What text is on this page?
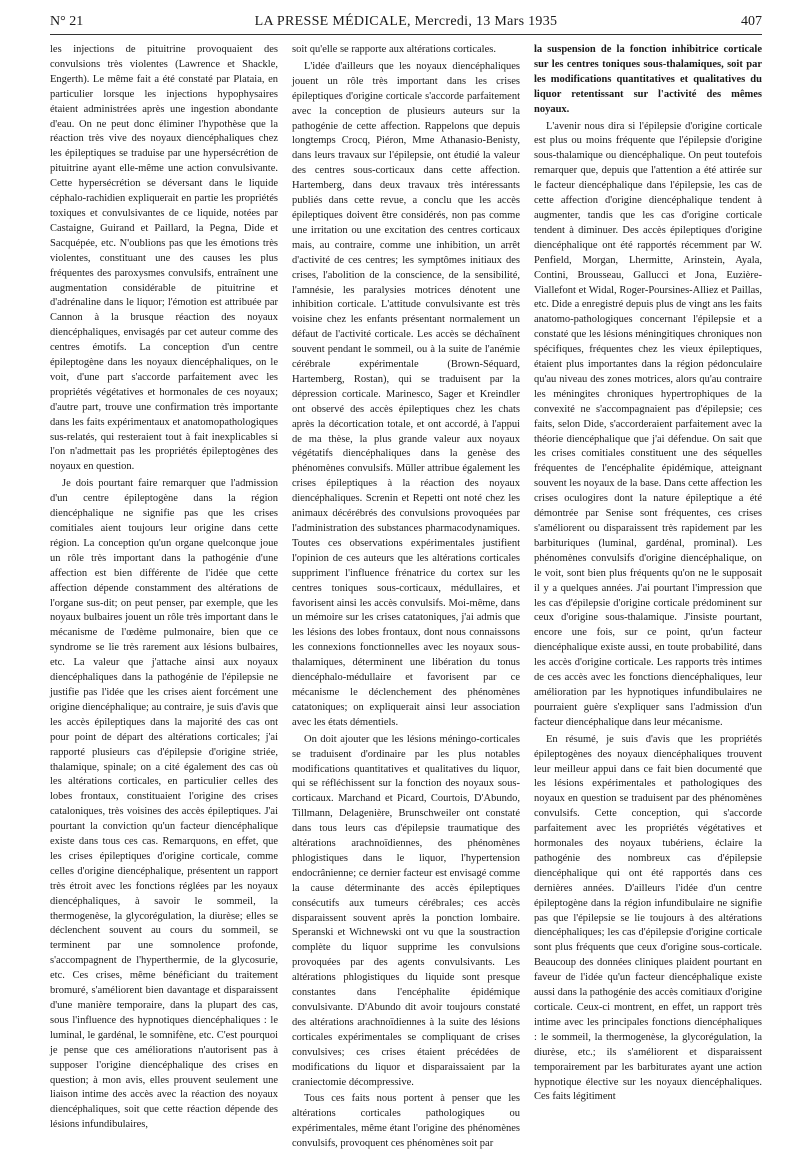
N° 21	LA PRESSE MÉDICALE, Mercredi, 13 Mars 1935	407

les injections de pituitrine provoquaient des convulsions très violentes (Lawrence et Shackle, Engerth). Le même fait a été constaté par Plataia, en particulier lorsque les injections hypophysaires étaient administrées après une ingestion abondante d'eau. On ne peut donc éliminer l'hypothèse que la réaction très vive des noyaux diencéphaliques chez les épileptiques se traduise par une hypersécrétion de pituitrine ayant elle-même une action convulsivante. Cette hypersécrétion se déversant dans le liquide céphalo-rachidien expliquerait en partie les propriétés toxiques et convulsivantes de ce liquide, notées par Castaigne, Guirand et Paillard, la Pegna, Dide et Sacquépée, etc. N'oublions pas que les émotions très violentes, constituant une des causes les plus fréquentes des paroxysmes convulsifs, entraînent une augmentation considérable de pituitrine et d'adrénaline dans le liquor; l'émotion est attribuée par Cannon à la brusque réaction des noyaux diencéphaliques, envisagés par cet auteur comme des centres émotifs. La conception d'un centre épileptogène dans les noyaux diencéphaliques, on le voit, d'une part s'accorde parfaitement avec les propriétés végétatives et hormonales de ces noyaux; d'autre part, trouve une confirmation très importante dans les faits expérimentaux et anatomopathologiques sus-relatés, qui resteraient tout à fait inexplicables si l'on n'admettait pas les propriétés épileptogènes des noyaux en question.

Je dois pourtant faire remarquer que l'admission d'un centre épileptogène dans la région diencéphalique ne signifie pas que les crises comitiales aient toujours leur origine dans cette région. La conception qu'un organe quelconque joue un rôle très important dans la pathogénie d'une affection est bien différente de l'idée que cette affection dépende constamment des altérations de l'organe sus-dit; on peut penser, par exemple, que les noyaux bulbaires jouent un rôle très important dans le mécanisme de l'œdème pulmonaire, bien que ce syndrome se lie très rarement aux lésions bulbaires, etc. La valeur que j'attache ainsi aux noyaux diencéphaliques dans la pathogénie de l'épilepsie ne justifie pas l'idée que les crises aient forcément une origine diencéphalique; au contraire, je suis d'avis que les accès épileptiques dans la majorité des cas ont pour point de départ des altérations corticales; j'ai rapporté plusieurs cas d'épilepsie d'origine striée, thalamique, spinale; on a cité également des cas où les altérations corticales, en particulier celles des lobes frontaux, constituaient l'origine des crises cataloniques, très voisines des accès épileptiques. J'ai pourtant la conviction qu'un facteur diencéphalique existe dans tous ces cas. Remarquons, en effet, que les crises épileptiques d'origine corticale, comme celles d'origine diencéphalique, présentent un rapport très étroit avec les fonctions réglées par les noyaux diencéphaliques, à savoir le sommeil, la thermogenèse, la glycorégulation, la diurèse; elles se déclenchent souvent au cours du sommeil, se terminent par une somnolence profonde, s'accompagnent de l'hyperthermie, de la glycosurie, etc. Ces crises, même bénéficiant du traitement bromuré, s'améliorent bien davantage et disparaissent d'une manière temporaire, dans la plupart des cas, sous l'influence des hypnotiques diencéphaliques : le luminal, le gardénal, le somnifène, etc. C'est pourquoi je pense que ces améliorations n'autorisent pas à supposer l'origine diencéphalique des crises en question; à mon avis, elles prouvent seulement une liaison intime des accès avec la réaction des noyaux diencéphaliques, soit que cette réaction dépende des lésions infundibulaires,

soit qu'elle se rapporte aux altérations corticales.

L'idée d'ailleurs que les noyaux diencéphaliques jouent un rôle très important dans les crises épileptiques d'origine corticale s'accorde parfaitement avec la conception de plusieurs auteurs sur la pathogénie de cette affection. Rappelons que depuis longtemps Crocq, Piéron, Mme Athanasio-Benisty, dans leurs travaux sur l'épilepsie, ont étudié la valeur des centres sous-corticaux dans cette affection. Hartemberg, dans deux travaux très intéressants publiés dans cette revue, a conclu que les accès épileptiques doivent être considérés, non pas comme une irritation ou une excitation des centres corticaux mais, au contraire, comme une inhibition, un arrêt d'activité de ces centres; les symptômes initiaux des crises, l'abolition de la conscience, de la sensibilité, l'amnésie, les paralysies motrices dénotent une inhibition corticale. L'attitude convulsivante est très voisine chez les enfants présentant normalement un défaut de l'activité corticale. Les accès se déchaînent souvent pendant le sommeil, ou à la suite de l'anémie cérébrale expérimentale (Brown-Séquard, Hartemberg, Rostan), qui se traduisent par la dépression corticale. Marinesco, Sager et Kreindler ont observé des accès épileptiques chez les chats après la décortication totale, et ont accordé, à l'appui de ma thèse, la plus grande valeur aux noyaux végétatifs diencéphaliques dans la genèse des phénomènes convulsifs. Müller attribue également les crises épileptiques à la réaction des noyaux diencéphaliques. Screnin et Repetti ont noté chez les animaux décérébrés des convulsions provoquées par l'administration des substances pharmacodynamiques. Toutes ces observations expérimentales justifient l'opinion de ces auteurs que les altérations corticales suppriment l'influence frénatrice du cortex sur les centres toniques sous-corticaux, médullaires, et favorisent ainsi les accès convulsifs. Moi-même, dans un mémoire sur les crises catatoniques, j'ai admis que les lésions des lobes frontaux, dont nous connaissons les connexions fonctionnelles avec les noyaux sous-thalamiques, déterminent une libération du tonus diencéphalo-médullaire et favorisent par ce mécanisme le déclenchement des phénomènes catatoniques; on expliquerait ainsi leur association avec les états démentiels.

On doit ajouter que les lésions méningo-corticales se traduisent d'ordinaire par les plus notables modifications quantitatives et qualitatives du liquor, qui se réfléchissent sur la fonction des noyaux sous-corticaux. Marchand et Picard, Courtois, D'Abundo, Tillmann, Delagenière, Brunschweiler ont constaté dans tous leurs cas d'épilepsie traumatique des altérations arachnoïdiennes, des phénomènes phlogistiques dans le liquor, l'hypertension endocrânienne; ce dernier facteur est envisagé comme la cause déterminante des accès épileptiques consécutifs aux tumeurs cérébrales; ces accès disparaissent souvent après la ponction lombaire. Speranski et Wichnewski ont vu que la soustraction complète du liquor supprime les convulsions provoquées par des agents convulsivants. Les altérations phlogistiques du liquide sont presque constantes dans l'encéphalite épidémique convulsivante. D'Abundo dit avoir toujours constaté des altérations arachnoïdiennes à la suite des lésions corticales expérimentales se compliquant de crises convulsives; ces crises étaient précédées de modifications du liquor et disparaissaient par la craniectomie décompressive.

Tous ces faits nous portent à penser que les altérations corticales pathologiques ou expérimentales, même étant l'origine des phénomènes convulsifs, provoquent ces phénomènes soit par

la suspension de la fonction inhibitrice corticale sur les centres toniques sous-thalamiques, soit par les modifications quantitatives et qualitatives du liquor retentissant sur l'activité des mêmes noyaux.

L'avenir nous dira si l'épilepsie d'origine corticale est plus ou moins fréquente que l'épilepsie d'origine sous-thalamique ou diencéphalique. On peut toutefois remarquer que, depuis que l'attention a été attirée sur le facteur diencéphalique dans l'épilepsie, les cas de cette affection d'origine diencéphalique tendent à augmenter, tandis que les cas d'origine corticale tendent à diminuer. Des accès épileptiques d'origine diencéphalique ont été rapportés récemment par W. Penfield, Morgan, Lhermitte, Arinstein, Ayala, Contini, Brousseau, Gallucci et Jona, Euzière-Viallefont et Widal, Roger-Poursines-Alliez et Paillas, etc. Dide a enregistré depuis plus de vingt ans les faits anatomo-pathologiques concernant l'épilepsie et a constaté que les lésions méningitiques chroniques non spécifiques, fréquentes chez les vieux épileptiques, étaient plus importantes dans la région pédonculaire qu'au niveau des zones motrices, alors qu'au contraire les méningites chroniques hypertrophiques de la convexité ne s'accompagnaient pas d'épilepsie; ces faits, selon Dide, s'accorderaient parfaitement avec la théorie diencéphalique que j'ai défendue. On sait que les crises comitiales constituent une des séquelles fréquentes de l'encéphalite épidémique, atteignant souvent les noyaux de la base. Dans cette affection les crises oculogires dont la nature épileptique a été démontrée par Senise sont fréquentes, ces crises s'améliorent ou disparaissent très rapidement par les barbituriques (luminal, gardénal, prominal). Les phénomènes convulsifs d'origine diencéphalique, on le voit, sont bien plus fréquents qu'on ne le supposait il y a quelques années. J'ai pourtant l'impression que les cas d'épilepsie d'origine corticale prédominent sur ceux d'origine sous-thalamique. J'insiste pourtant, encore une fois, sur ce point, qu'un facteur diencéphalique existe aussi, en toute probabilité, dans les accès d'origine corticale. Les rapports très intimes de ces accès avec les fonctions diencéphaliques, leur amélioration par les hypnotiques infundibulaires ne pourraient guère s'expliquer sans l'admission d'un facteur diencéphalique dans leur mécanisme.

En résumé, je suis d'avis que les propriétés épileptogènes des noyaux diencéphaliques trouvent leur meilleur appui dans ce fait bien documenté que les lésions expérimentales et pathologiques des noyaux en question se traduisent par des phénomènes convulsifs. Cette conception, qui s'accorde parfaitement avec les propriétés végétatives et hormonales des noyaux tubériens, éclaire la pathogénie des nombreux cas d'épilepsie diencéphalique qui ont été rapportés dans ces dernières années. D'ailleurs l'idée d'un centre épileptogène dans la région infundibulaire ne signifie pas que l'épilepsie se lie toujours à des altérations diencéphaliques; les cas d'épilepsie d'origine corticale sont plus fréquents que ceux d'origine sous-corticale. Beaucoup des données cliniques plaident pourtant en faveur de l'idée qu'un facteur diencéphalique existe aussi dans la pathogénie des accès comitiaux d'origine corticale. Ceux-ci montrent, en effet, un rapport très intime avec les principales fonctions diencéphaliques : le sommeil, la thermogenèse, la glycorégulation, la diurèse, etc.; ils s'améliorent et disparaissent temporairement par les barbiturates ayant une action hypnotique élective sur les noyaux diencéphaliques. Ces faits légitiment
